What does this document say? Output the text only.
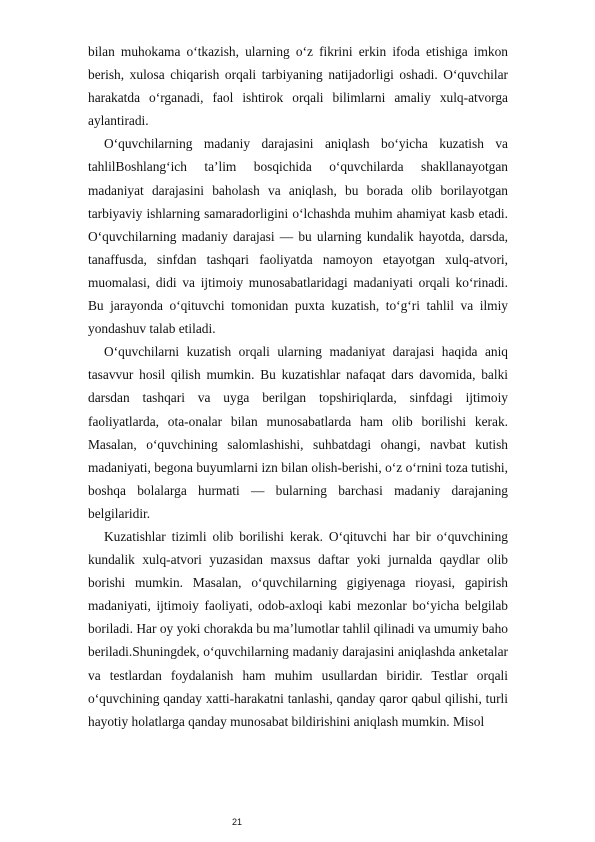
bilan muhokama o‘tkazish, ularning o‘z fikrini erkin ifoda etishiga imkon berish, xulosa chiqarish orqali tarbiyaning natijadorligi oshadi. O‘quvchilar harakatda o‘rganadi, faol ishtirok orqali bilimlarni amaliy xulq-atvorga aylantiradi.

O‘quvchilarning madaniy darajasini aniqlash bo‘yicha kuzatish va tahlilBoshlang‘ich ta’lim bosqichida o‘quvchilarda shakllanayotgan madaniyat darajasini baholash va aniqlash, bu borada olib borilayotgan tarbiyaviy ishlarning samaradorligini o‘lchashda muhim ahamiyat kasb etadi. O‘quvchilarning madaniy darajasi — bu ularning kundalik hayotda, darsda, tanaffusda, sinfdan tashqari faoliyatda namoyon etayotgan xulq-atvori, muomalasi, didi va ijtimoiy munosabatlaridagi madaniyati orqali ko‘rinadi. Bu jarayonda o‘qituvchi tomonidan puxta kuzatish, to‘g‘ri tahlil va ilmiy yondashuv talab etiladi.

O‘quvchilarni kuzatish orqali ularning madaniyat darajasi haqida aniq tasavvur hosil qilish mumkin. Bu kuzatishlar nafaqat dars davomida, balki darsdan tashqari va uyga berilgan topshiriqlarda, sinfdagi ijtimoiy faoliyatlarda, ota-onalar bilan munosabatlarda ham olib borilishi kerak. Masalan, o‘quvchining salomlashishi, suhbatdagi ohangi, navbat kutish madaniyati, begona buyumlarni izn bilan olish-berishi, o‘z o‘rnini toza tutishi, boshqa bolalarga hurmati — bularning barchasi madaniy darajaning belgilaridir.

Kuzatishlar tizimli olib borilishi kerak. O‘qituvchi har bir o‘quvchining kundalik xulq-atvori yuzasidan maxsus daftar yoki jurnalda qaydlar olib borishi mumkin. Masalan, o‘quvchilarning gigiyenaga rioyasi, gapirish madaniyati, ijtimoiy faoliyati, odob-axloqi kabi mezonlar bo‘yicha belgilab boriladi. Har oy yoki chorakda bu ma’lumotlar tahlil qilinadi va umumiy baho beriladi.Shuningdek, o‘quvchilarning madaniy darajasini aniqlashda anketalar va testlardan foydalanish ham muhim usullardan biridir. Testlar orqali o‘quvchining qanday xatti-harakatni tanlashi, qanday qaror qabul qilishi, turli hayotiy holatlarga qanday munosabat bildirishini aniqlash mumkin. Misol

21
